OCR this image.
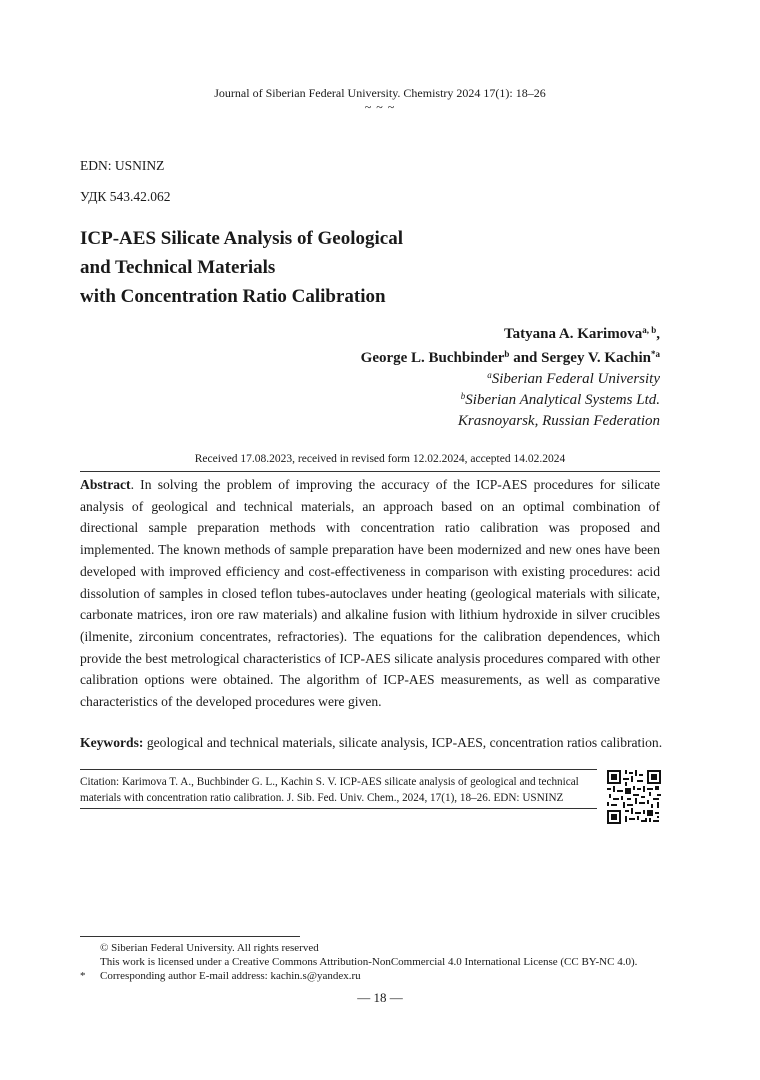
Journal of Siberian Federal University. Chemistry 2024 17(1): 18–26
~ ~ ~
EDN: USNINZ
УДК 543.42.062
ICP-AES Silicate Analysis of Geological
and Technical Materials
with Concentration Ratio Calibration
Tatyana A. Karimova$^{a, b}$,
George L. Buchbinder$^b$ and Sergey V. Kachin$^{*a}$
$^a$Siberian Federal University
$^b$Siberian Analytical Systems Ltd.
Krasnoyarsk, Russian Federation
Received 17.08.2023, received in revised form 12.02.2024, accepted 14.02.2024
Abstract. In solving the problem of improving the accuracy of the ICP-AES procedures for silicate analysis of geological and technical materials, an approach based on an optimal combination of directional sample preparation methods with concentration ratio calibration was proposed and implemented. The known methods of sample preparation have been modernized and new ones have been developed with improved efficiency and cost-effectiveness in comparison with existing procedures: acid dissolution of samples in closed teflon tubes-autoclaves under heating (geological materials with silicate, carbonate matrices, iron ore raw materials) and alkaline fusion with lithium hydroxide in silver crucibles (ilmenite, zirconium concentrates, refractories). The equations for the calibration dependences, which provide the best metrological characteristics of ICP-AES silicate analysis procedures compared with other calibration options were obtained. The algorithm of ICP-AES measurements, as well as comparative characteristics of the developed procedures were given.
Keywords: geological and technical materials, silicate analysis, ICP-AES, concentration ratios calibration.
Citation: Karimova T. A., Buchbinder G. L., Kachin S. V. ICP-AES silicate analysis of geological and technical materials with concentration ratio calibration. J. Sib. Fed. Univ. Chem., 2024, 17(1), 18–26. EDN: USNINZ
© Siberian Federal University. All rights reserved
This work is licensed under a Creative Commons Attribution-NonCommercial 4.0 International License (CC BY-NC 4.0).
* Corresponding author E-mail address: kachin.s@yandex.ru
— 18 —
